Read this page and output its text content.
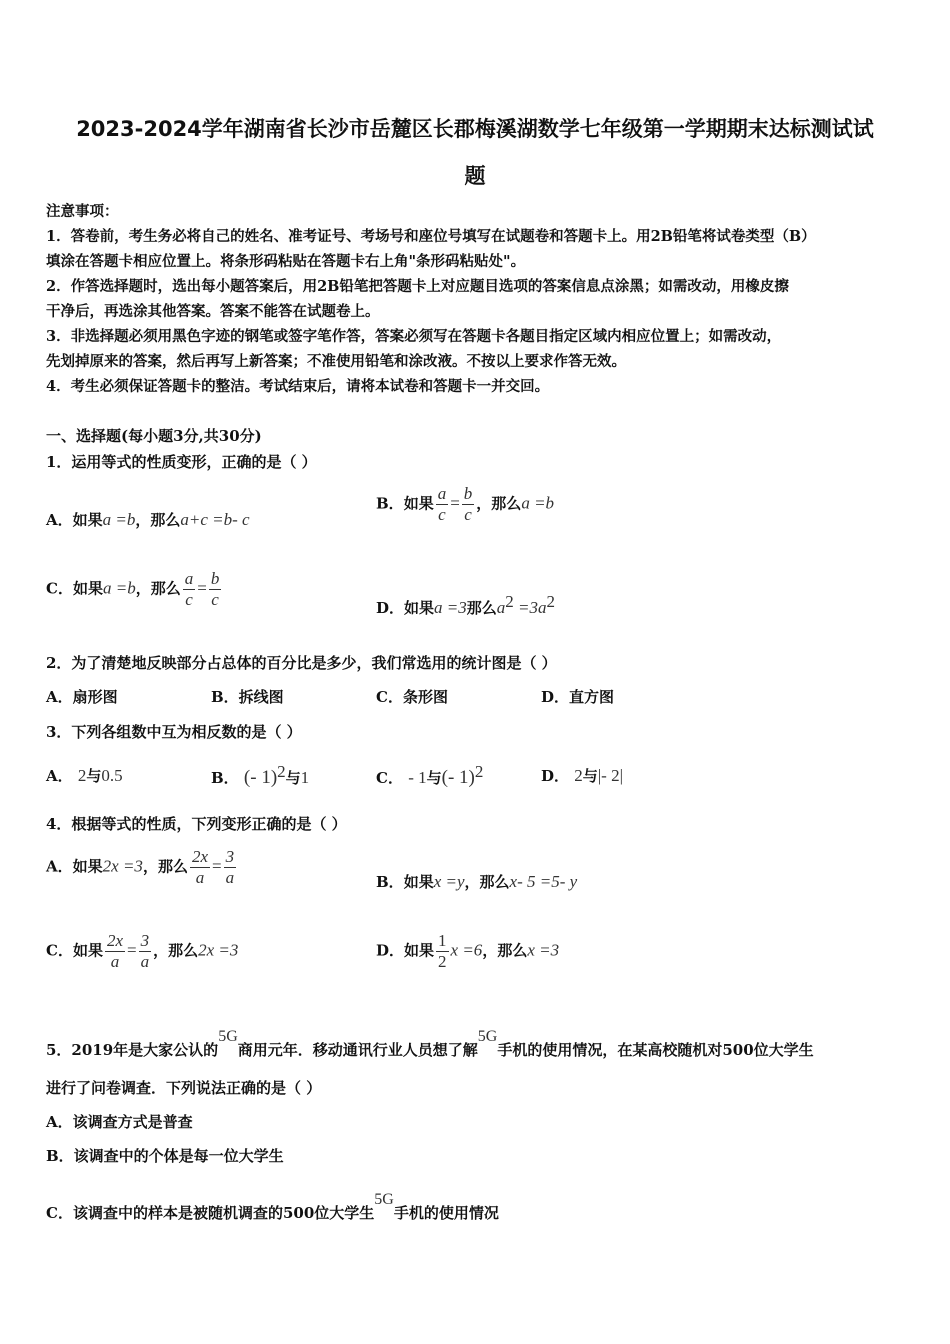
2023-2024学年湖南省长沙市岳麓区长郡梅溪湖数学七年级第一学期期末达标测试试
题
注意事项：
1．答卷前，考生务必将自己的姓名、准考证号、考场号和座位号填写在试题卷和答题卡上。用2B铅笔将试卷类型（B）
填涂在答题卡相应位置上。将条形码粘贴在答题卡右上角"条形码粘贴处"。
2．作答选择题时，选出每小题答案后，用2B铅笔把答题卡上对应题目选项的答案信息点涂黑；如需改动，用橡皮擦
干净后，再选涂其他答案。答案不能答在试题卷上。
3．非选择题必须用黑色字迹的钢笔或签字笔作答，答案必须写在答题卡各题目指定区域内相应位置上；如需改动，
先划掉原来的答案，然后再写上新答案；不准使用铅笔和涂改液。不按以上要求作答无效。
4．考生必须保证答题卡的整洁。考试结束后，请将本试卷和答题卡一并交回。
一、选择题(每小题3分,共30分)
1．运用等式的性质变形，正确的是（ ）
A．如果a =b，那么a+c =b- c
B．如果 $\frac{a}{c} = \frac{b}{c}$ ，那么a =b
C．如果a =b，那么 $\frac{a}{c} = \frac{b}{c}$	D．如果a =3那么$a^2 =3a^2$
2．为了清楚地反映部分占总体的百分比是多少，我们常选用的统计图是（ ）
A．扇形图	B．拆线图	C．条形图	D．直方图
3．下列各组数中互为相反数的是（ ）
A． 2与0.5	B． (- 1)$^2$与1	C． - 1与(- 1)$^2$	D． 2与|- 2|
4．根据等式的性质，下列变形正确的是（ ）
A．如果2x =3，那么 $\frac{2x}{a} = \frac{3}{a}$	B．如果x =y，那么x- 5 =5- y
C．如果 $\frac{2x}{a} = \frac{3}{a}$ ，那么2x =3	D．如果 $\frac{1}{2}$ x =6，那么x =3
5．2019年是大家公认的$^{5G}$商用元年．移动通讯行业人员想了解$^{5G}$手机的使用情况，在某高校随机对500位大学生
进行了问卷调查．下列说法正确的是（ ）
A．该调查方式是普查
B．该调查中的个体是每一位大学生
C．该调查中的样本是被随机调查的500位大学生$^{5G}$手机的使用情况
